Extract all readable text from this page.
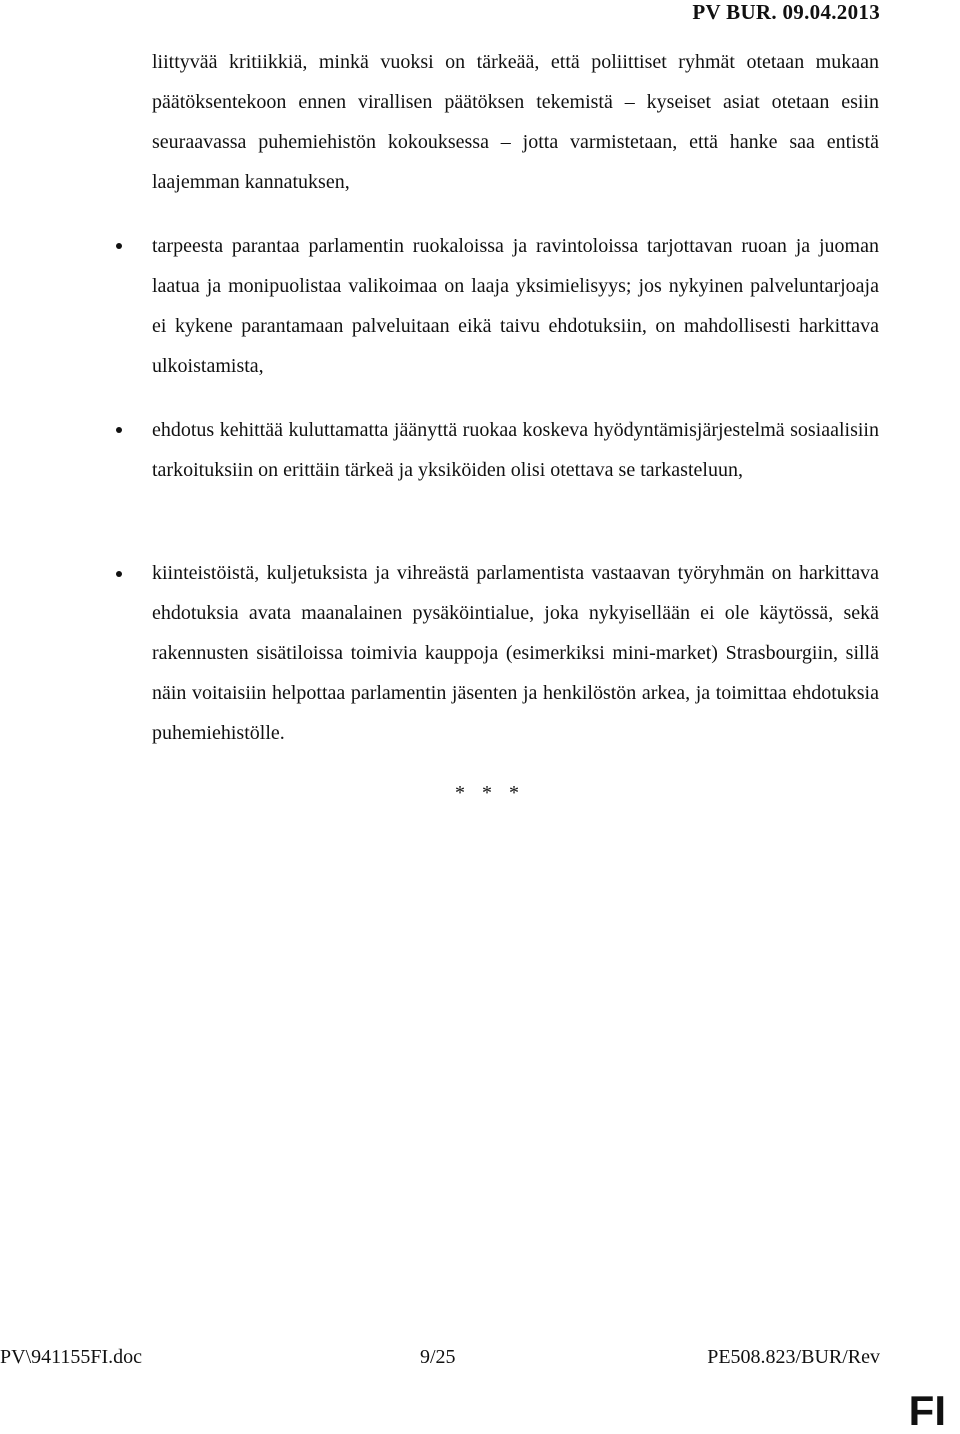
PV BUR. 09.04.2013

liittyvää kritiikkiä, minkä vuoksi on tärkeää, että poliittiset ryhmät otetaan mukaan päätöksentekoon ennen virallisen päätöksen tekemistä – kyseiset asiat otetaan esiin seuraavassa puhemiehistön kokouksessa – jotta varmistetaan, että hanke saa entistä laajemman kannatuksen,

tarpeesta parantaa parlamentin ruokaloissa ja ravintoloissa tarjottavan ruoan ja juoman laatua ja monipuolistaa valikoimaa on laaja yksimielisyys; jos nykyinen palveluntarjoaja ei kykene parantamaan palveluitaan eikä taivu ehdotuksiin, on mahdollisesti harkittava ulkoistamista,

ehdotus kehittää kuluttamatta jäänyttä ruokaa koskeva hyödyntämisjärjestelmä sosiaalisiin tarkoituksiin on erittäin tärkeä ja yksiköiden olisi otettava se tarkasteluun,

kiinteistöistä, kuljetuksista ja vihreästä parlamentista vastaavan työryhmän on harkittava ehdotuksia avata maanalainen pysäköintialue, joka nykyisellään ei ole käytössä, sekä rakennusten sisätiloissa toimivia kauppoja (esimerkiksi mini-market) Strasbourgiin, sillä näin voitaisiin helpottaa parlamentin jäsenten ja henkilöstön arkea, ja toimittaa ehdotuksia puhemiehistölle.

* * *
PV\941155FI.doc	9/25	PE508.823/BUR/Rev
FI
